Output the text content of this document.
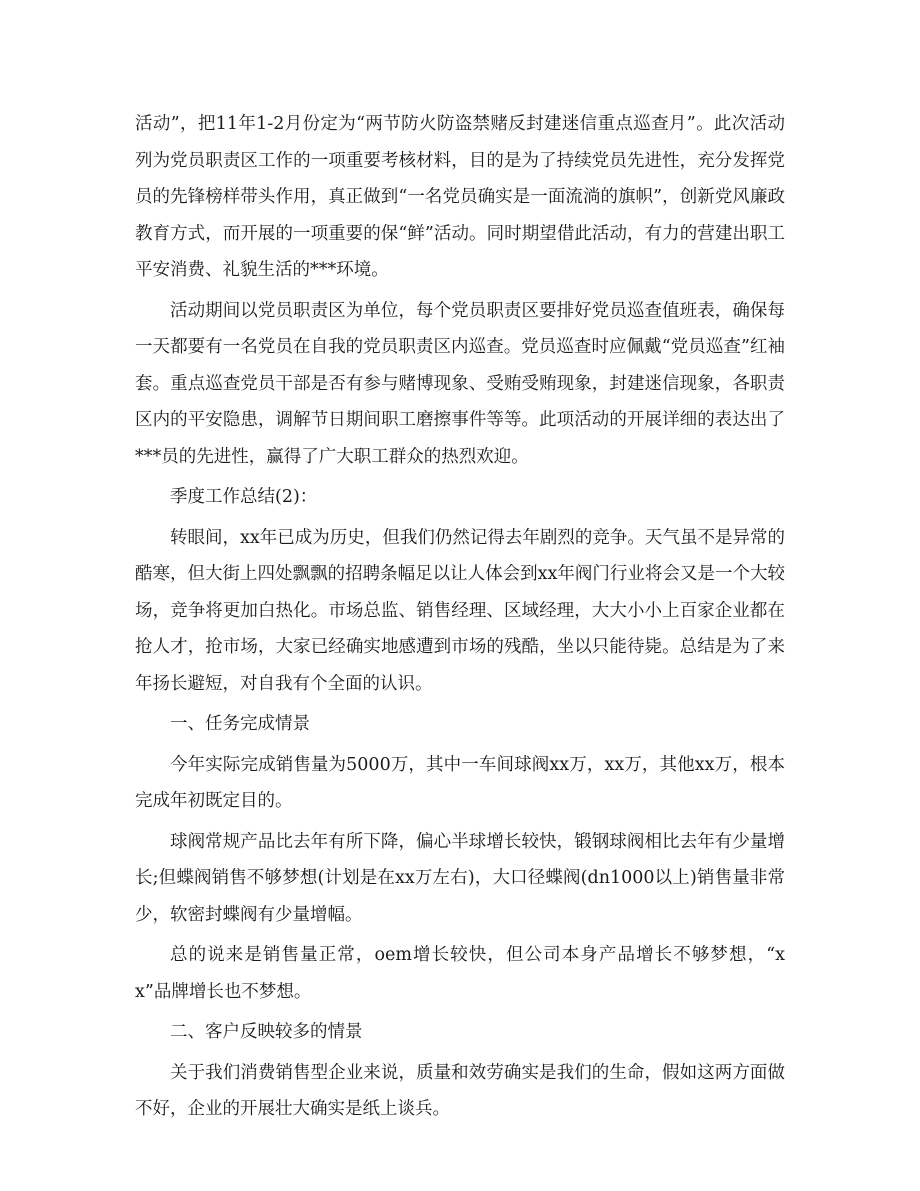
活动”，把11年1-2月份定为“两节防火防盗禁赌反封建迷信重点巡查月”。此次活动列为党员职责区工作的一项重要考核材料，目的是为了持续党员先进性，充分发挥党员的先锋榜样带头作用，真正做到“一名党员确实是一面流淌的旗帜”，创新党风廉政教育方式，而开展的一项重要的保“鲜”活动。同时期望借此活动，有力的营建出职工平安消费、礼貌生活的***环境。

活动期间以党员职责区为单位，每个党员职责区要排好党员巡查值班表，确保每一天都要有一名党员在自我的党员职责区内巡查。党员巡查时应佩戴“党员巡查”红袖套。重点巡查党员干部是否有参与赌博现象、受贿受贿现象，封建迷信现象，各职责区内的平安隐患，调解节日期间职工磨擦事件等等。此项活动的开展详细的表达出了***员的先进性，赢得了广大职工群众的热烈欢迎。

季度工作总结(2)：

转眼间，xx年已成为历史，但我们仍然记得去年剧烈的竞争。天气虽不是异常的酷寒，但大街上四处飘飘的招聘条幅足以让人体会到xx年阀门行业将会又是一个大较场，竞争将更加白热化。市场总监、销售经理、区域经理，大大小小上百家企业都在抢人才，抢市场，大家已经确实地感遭到市场的残酷，坐以只能待毙。总结是为了来年扬长避短，对自我有个全面的认识。

一、任务完成情景

今年实际完成销售量为5000万，其中一车间球阀xx万，xx万，其他xx万，根本完成年初既定目的。

球阀常规产品比去年有所下降，偏心半球增长较快，锻钢球阀相比去年有少量增长;但蝶阀销售不够梦想(计划是在xx万左右)，大口径蝶阀(dn1000以上)销售量非常少，软密封蝶阀有少量增幅。

总的说来是销售量正常，oem增长较快，但公司本身产品增长不够梦想，“xx”品牌增长也不梦想。

二、客户反映较多的情景

关于我们消费销售型企业来说，质量和效劳确实是我们的生命，假如这两方面做不好，企业的开展壮大确实是纸上谈兵。
